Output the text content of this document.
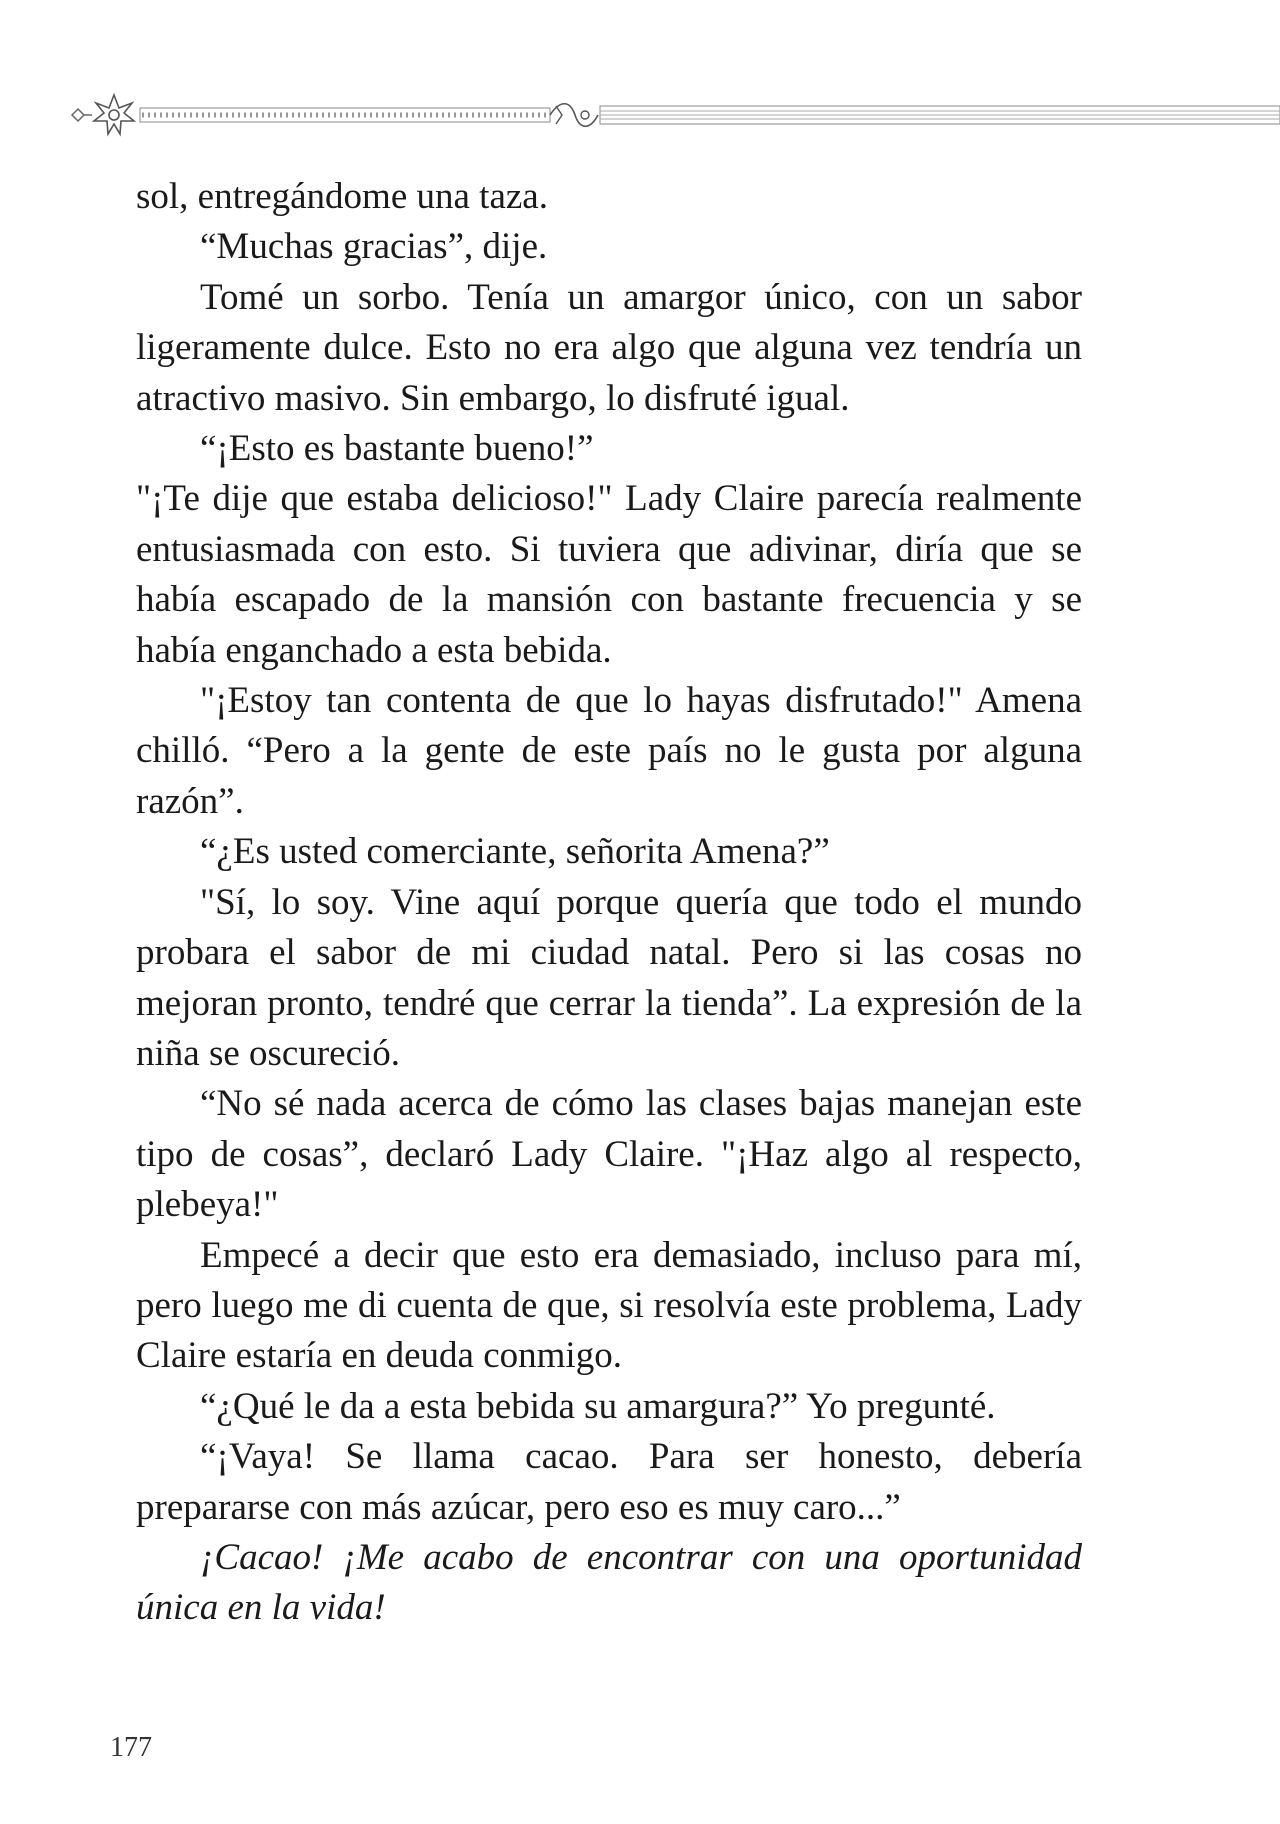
sol, entregándome una taza.

“Muchas gracias”, dije.

Tomé un sorbo. Tenía un amargor único, con un sabor ligeramente dulce. Esto no era algo que alguna vez tendría un atractivo masivo. Sin embargo, lo disfruté igual.

“¡Esto es bastante bueno!”

"¡Te dije que estaba delicioso!" Lady Claire parecía realmente entusiasmada con esto. Si tuviera que adivinar, diría que se había escapado de la mansión con bastante frecuencia y se había enganchado a esta bebida.

"¡Estoy tan contenta de que lo hayas disfrutado!" Amena chilló. “Pero a la gente de este país no le gusta por alguna razón”.

“¿Es usted comerciante, señorita Amena?”

"Sí, lo soy. Vine aquí porque quería que todo el mundo probara el sabor de mi ciudad natal. Pero si las cosas no mejoran pronto, tendré que cerrar la tienda”. La expresión de la niña se oscureció.

“No sé nada acerca de cómo las clases bajas manejan este tipo de cosas”, declaró Lady Claire. "¡Haz algo al respecto, plebeya!"

Empecé a decir que esto era demasiado, incluso para mí, pero luego me di cuenta de que, si resolvía este problema, Lady Claire estaría en deuda conmigo.

“¿Qué le da a esta bebida su amargura?” Yo pregunté.

“¡Vaya! Se llama cacao. Para ser honesto, debería prepararse con más azúcar, pero eso es muy caro...”

¡Cacao! ¡Me acabo de encontrar con una oportunidad única en la vida!

177
